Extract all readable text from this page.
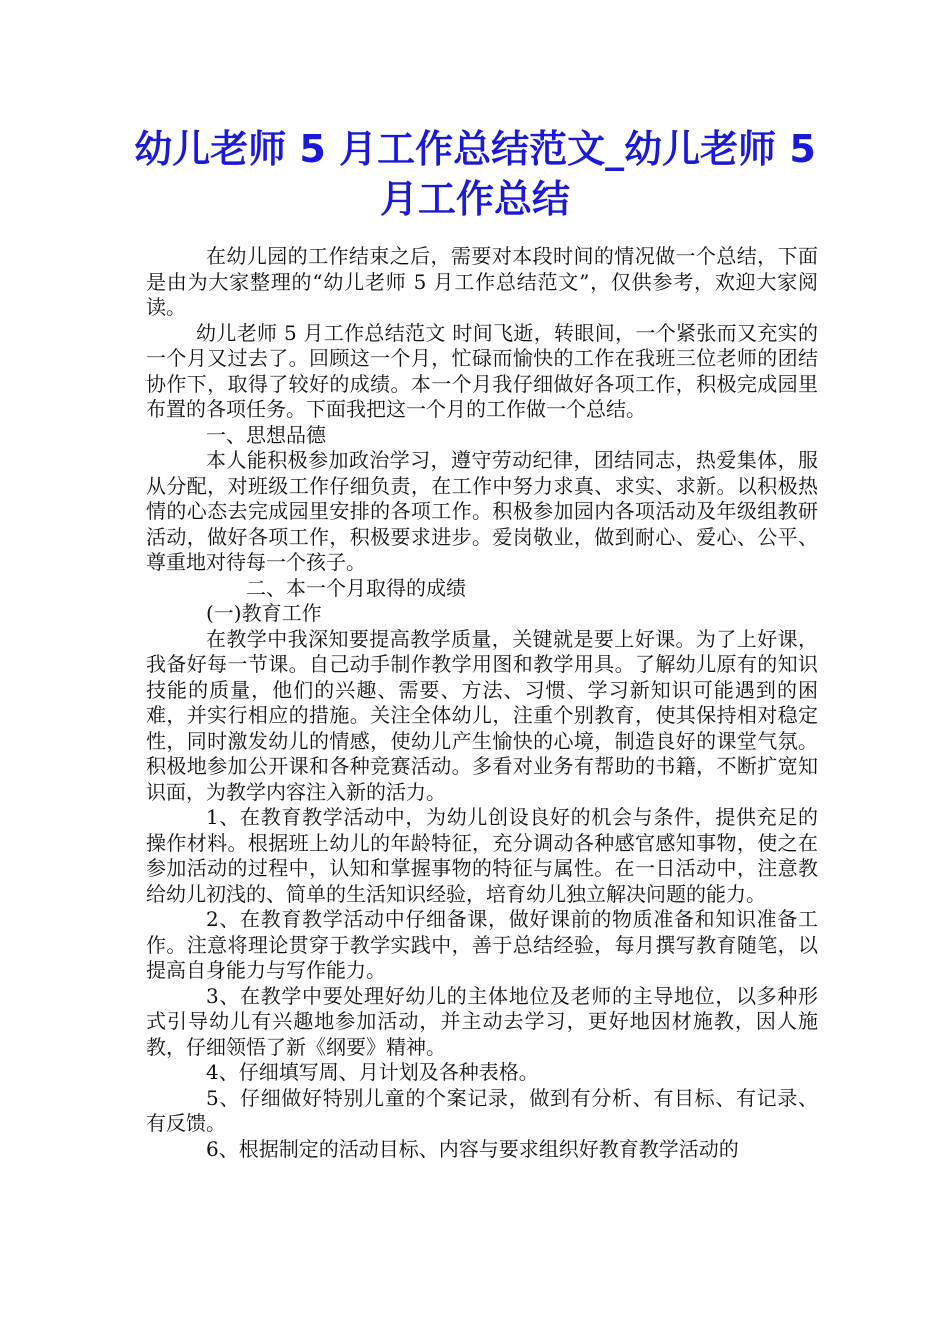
幼儿老师 5 月工作总结范文_幼儿老师 5 月工作总结

在幼儿园的工作结束之后，需要对本段时间的情况做一个总结，下面是由为大家整理的“幼儿老师 5 月工作总结范文”，仅供参考，欢迎大家阅读。

幼儿老师 5 月工作总结范文 时间飞逝，转眼间，一个紧张而又充实的一个月又过去了。回顾这一个月，忙碌而愉快的工作在我班三位老师的团结协作下，取得了较好的成绩。本一个月我仔细做好各项工作，积极完成园里布置的各项任务。下面我把这一个月的工作做一个总结。

一、思想品德

本人能积极参加政治学习，遵守劳动纪律，团结同志，热爱集体，服从分配，对班级工作仔细负责，在工作中努力求真、求实、求新。以积极热情的心态去完成园里安排的各项工作。积极参加园内各项活动及年级组教研活动，做好各项工作，积极要求进步。爱岗敬业，做到耐心、爱心、公平、尊重地对待每一个孩子。

二、本一个月取得的成绩

(一)教育工作

在教学中我深知要提高教学质量，关键就是要上好课。为了上好课，我备好每一节课。自己动手制作教学用图和教学用具。了解幼儿原有的知识技能的质量，他们的兴趣、需要、方法、习惯、学习新知识可能遇到的困难，并实行相应的措施。关注全体幼儿，注重个别教育，使其保持相对稳定性，同时激发幼儿的情感，使幼儿产生愉快的心境，制造良好的课堂气氛。积极地参加公开课和各种竞赛活动。多看对业务有帮助的书籍，不断扩宽知识面，为教学内容注入新的活力。

1、在教育教学活动中，为幼儿创设良好的机会与条件，提供充足的操作材料。根据班上幼儿的年龄特征，充分调动各种感官感知事物，使之在参加活动的过程中，认知和掌握事物的特征与属性。在一日活动中，注意教给幼儿初浅的、简单的生活知识经验，培育幼儿独立解决问题的能力。

2、在教育教学活动中仔细备课，做好课前的物质准备和知识准备工作。注意将理论贯穿于教学实践中，善于总结经验，每月撰写教育随笔，以提高自身能力与写作能力。

3、在教学中要处理好幼儿的主体地位及老师的主导地位，以多种形式引导幼儿有兴趣地参加活动，并主动去学习，更好地因材施教，因人施教，仔细领悟了新《纲要》精神。

4、仔细填写周、月计划及各种表格。

5、仔细做好特别儿童的个案记录，做到有分析、有目标、有记录、有反馈。

6、根据制定的活动目标、内容与要求组织好教育教学活动的
